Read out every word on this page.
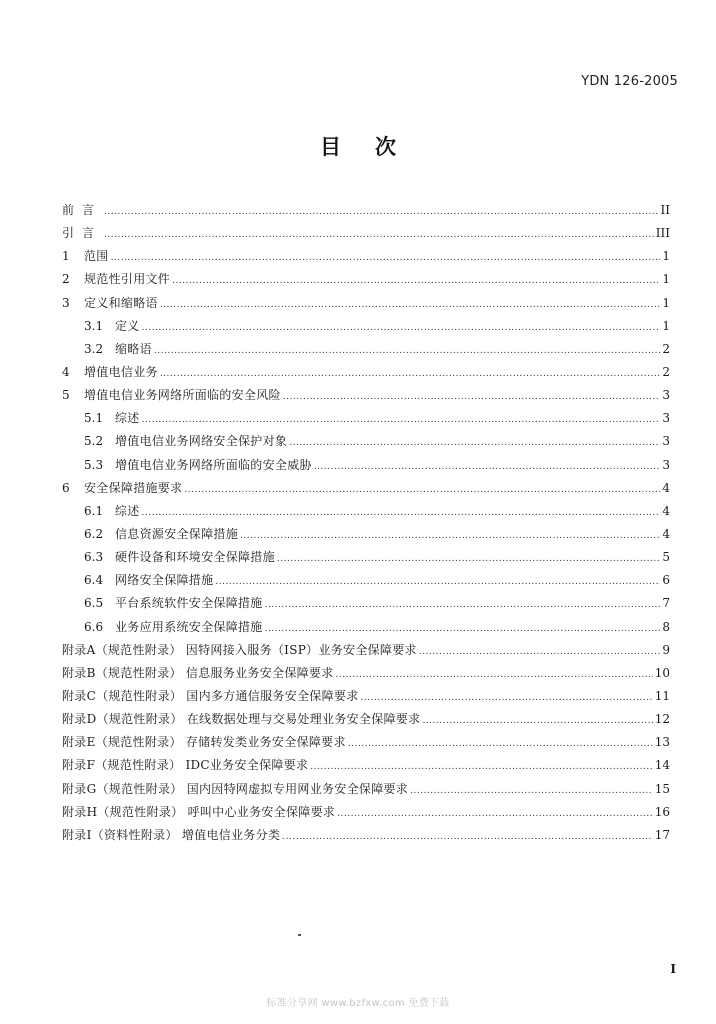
YDN 126-2005
目次
前言 .....	II
引言 .....	III
1	范围 .....	1
2	规范性引用文件 .....	1
3	定义和缩略语 .....	1
3.1 定义 .....	1
3.2 缩略语 .....	2
4	增值电信业务 .....	2
5	增值电信业务网络所面临的安全风险 .....	3
5.1 综述 .....	3
5.2 增值电信业务网络安全保护对象 .....	3
5.3 增值电信业务网络所面临的安全威胁 .....	3
6	安全保障措施要求 .....	4
6.1 综述 .....	4
6.2 信息资源安全保障措施 .....	4
6.3 硬件设备和环境安全保障措施 .....	5
6.4 网络安全保障措施 .....	6
6.5 平台系统软件安全保障措施 .....	7
6.6 业务应用系统安全保障措施 .....	8
附录A（规范性附录） 因特网接入服务（ISP）业务安全保障要求 .....	9
附录B（规范性附录） 信息服务业务安全保障要求 .....	10
附录C（规范性附录） 国内多方通信服务安全保障要求 .....	11
附录D（规范性附录） 在线数据处理与交易处理业务安全保障要求 .....	12
附录E（规范性附录） 存储转发类业务安全保障要求 .....	13
附录F（规范性附录） IDC业务安全保障要求 .....	14
附录G（规范性附录） 国内因特网虚拟专用网业务安全保障要求 .....	15
附录H（规范性附录） 呼叫中心业务安全保障要求 .....	16
附录I（资料性附录） 增值电信业务分类 .....	17
I
标准分享网 www.bzfxw.com 免费下载
